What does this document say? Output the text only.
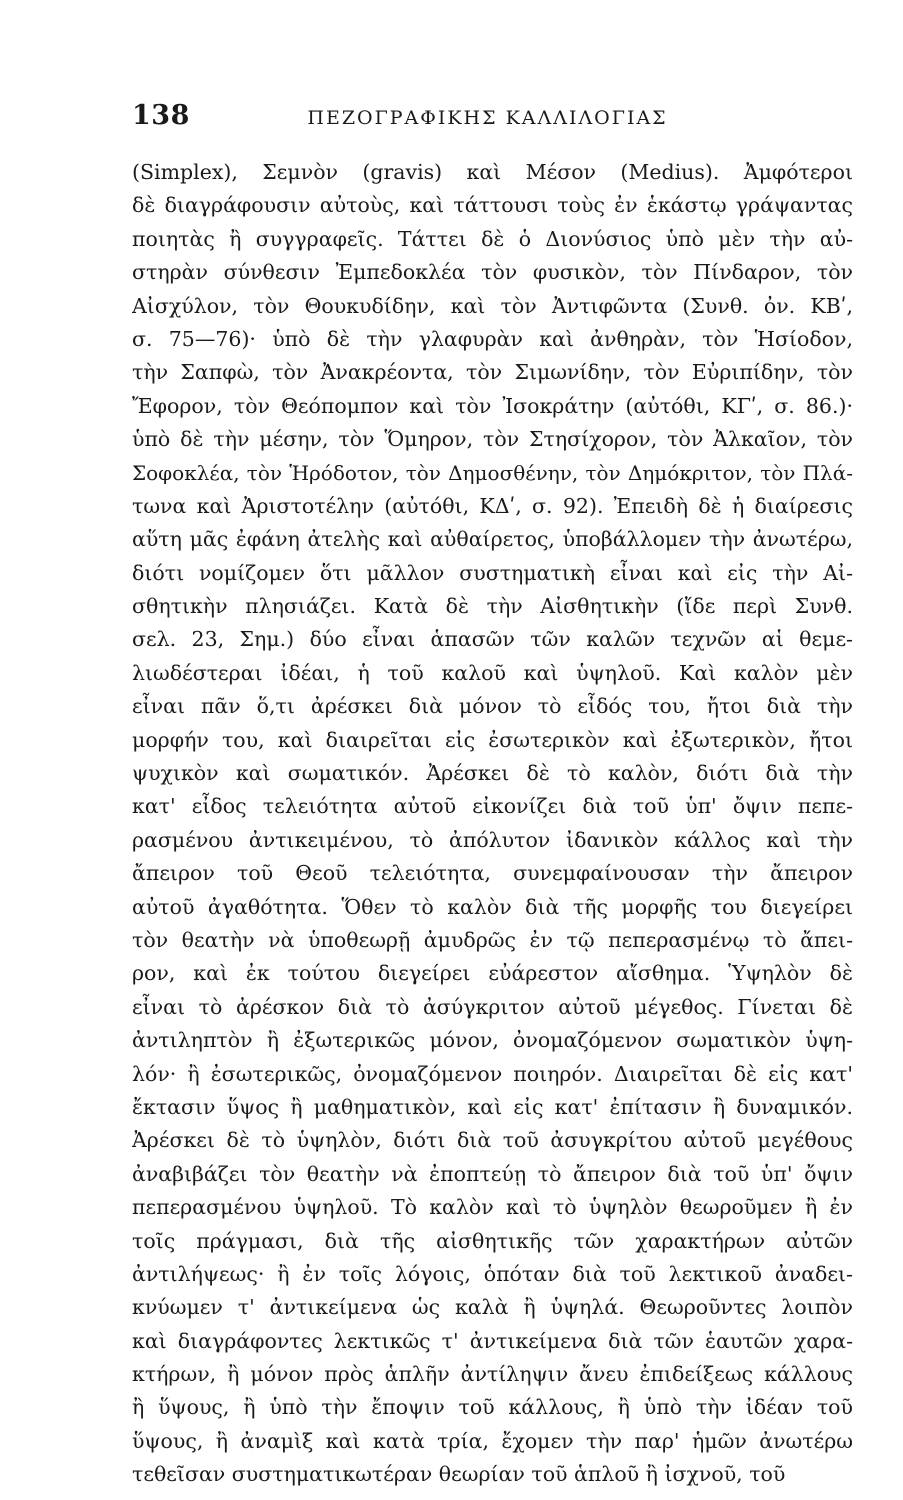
138	ΠΕΖΟΓΡΑΦΙΚΗΣ ΚΑΛΛΙΛΟΓΙΑΣ
(Simplex), Σεμνὸν (gravis) καὶ Μέσον (Medius). Ἀμφότεροι
δὲ διαγράφουσιν αὐτοὺς, καὶ τάττουσι τοὺς ἐν ἑκάστῳ γράψαντας
ποιητὰς ἢ συγγραφεῖς. Τάττει δὲ ὁ Διονύσιος ὑπὸ μὲν τὴν αὐ-
στηρὰν σύνθεσιν Ἐμπεδοκλέα τὸν φυσικὸν, τὸν Πίνδαρον, τὸν
Αἰσχύλον, τὸν Θουκυδίδην, καὶ τὸν Ἀντιφῶντα (Συνθ. ὀν. ΚΒʹ,
σ. 75—76)· ὑπὸ δὲ τὴν γλαφυρὰν καὶ ἀνθηρὰν, τὸν Ἡσίοδον,
τὴν Σαπφὼ, τὸν Ἀνακρέοντα, τὸν Σιμωνίδην, τὸν Εὐριπίδην, τὸν
Ἔφορον, τὸν Θεόπομπον καὶ τὸν Ἰσοκράτην (αὐτόθι, ΚΓʹ, σ. 86.)·
ὑπὸ δὲ τὴν μέσην, τὸν Ὅμηρον, τὸν Στησίχορον, τὸν Ἀλκαῖον, τὸν
Σοφοκλέα, τὸν Ἡρόδοτον, τὸν Δημοσθένην, τὸν Δημόκριτον, τὸν Πλά-
τωνα καὶ Ἀριστοτέλην (αὐτόθι, ΚΔʹ, σ. 92). Ἐπειδὴ δὲ ἡ διαίρεσις
αὕτη μᾶς ἐφάνη ἀτελὴς καὶ αὐθαίρετος, ὑποβάλλομεν τὴν ἀνωτέρω,
διότι νομίζομεν ὅτι μᾶλλον συστηματικὴ εἶναι καὶ εἰς τὴν Αἰ-
σθητικὴν πλησιάζει. Κατὰ δὲ τὴν Αἰσθητικὴν (ἴδε περὶ Συνθ.
σελ. 23, Σημ.) δύο εἶναι ἁπασῶν τῶν καλῶν τεχνῶν αἱ θεμε-
λιωδέστεραι ἰδέαι, ἡ τοῦ καλοῦ καὶ ὑψηλοῦ. Καὶ καλὸν μὲν
εἶναι πᾶν ὅ,τι ἀρέσκει διὰ μόνον τὸ εἶδός του, ἤτοι διὰ τὴν
μορφήν του, καὶ διαιρεῖται εἰς ἐσωτερικὸν καὶ ἐξωτερικὸν, ἤτοι
ψυχικὸν καὶ σωματικόν. Ἀρέσκει δὲ τὸ καλὸν, διότι διὰ τὴν
κατ' εἶδος τελειότητα αὐτοῦ εἰκονίζει διὰ τοῦ ὑπ' ὄψιν πεπε-
ρασμένου ἀντικειμένου, τὸ ἀπόλυτον ἰδανικὸν κάλλος καὶ τὴν
ἄπειρον τοῦ Θεοῦ τελειότητα, συνεμφαίνουσαν τὴν ἄπειρον
αὐτοῦ ἀγαθότητα. Ὅθεν τὸ καλὸν διὰ τῆς μορφῆς του διεγείρει
τὸν θεατὴν νὰ ὑποθεωρῇ ἀμυδρῶς ἐν τῷ πεπερασμένῳ τὸ ἄπει-
ρον, καὶ ἐκ τούτου διεγείρει εὐάρεστον αἴσθημα. Ὑψηλὸν δὲ
εἶναι τὸ ἀρέσκον διὰ τὸ ἀσύγκριτον αὐτοῦ μέγεθος. Γίνεται δὲ
ἀντιληπτὸν ἢ ἐξωτερικῶς μόνον, ὀνομαζόμενον σωματικὸν ὑψη-
λόν· ἢ ἐσωτερικῶς, ὀνομαζόμενον ποιηρόν. Διαιρεῖται δὲ εἰς κατ'
ἔκτασιν ὕψος ἢ μαθηματικὸν, καὶ εἰς κατ' ἐπίτασιν ἢ δυναμικόν.
Ἀρέσκει δὲ τὸ ὑψηλὸν, διότι διὰ τοῦ ἀσυγκρίτου αὐτοῦ μεγέθους
ἀναβιβάζει τὸν θεατὴν νὰ ἐποπτεύῃ τὸ ἄπειρον διὰ τοῦ ὑπ' ὄψιν
πεπερασμένου ὑψηλοῦ. Τὸ καλὸν καὶ τὸ ὑψηλὸν θεωροῦμεν ἢ ἐν
τοῖς πράγμασι, διὰ τῆς αἰσθητικῆς τῶν χαρακτήρων αὐτῶν
ἀντιλήψεως· ἢ ἐν τοῖς λόγοις, ὁπόταν διὰ τοῦ λεκτικοῦ ἀναδει-
κνύωμεν τ' ἀντικείμενα ὡς καλὰ ἢ ὑψηλά. Θεωροῦντες λοιπὸν
καὶ διαγράφοντες λεκτικῶς τ' ἀντικείμενα διὰ τῶν ἑαυτῶν χαρα-
κτήρων, ἢ μόνον πρὸς ἁπλῆν ἀντίληψιν ἄνευ ἐπιδείξεως κάλλους
ἢ ὕψους, ἢ ὑπὸ τὴν ἔποψιν τοῦ κάλλους, ἢ ὑπὸ τὴν ἰδέαν τοῦ
ὕψους, ἢ ἀναμὶξ καὶ κατὰ τρία, ἔχομεν τὴν παρ' ἡμῶν ἀνωτέρω
τεθεῖσαν συστηματικωτέραν θεωρίαν τοῦ ἁπλοῦ ἢ ἰσχνοῦ, τοῦ
